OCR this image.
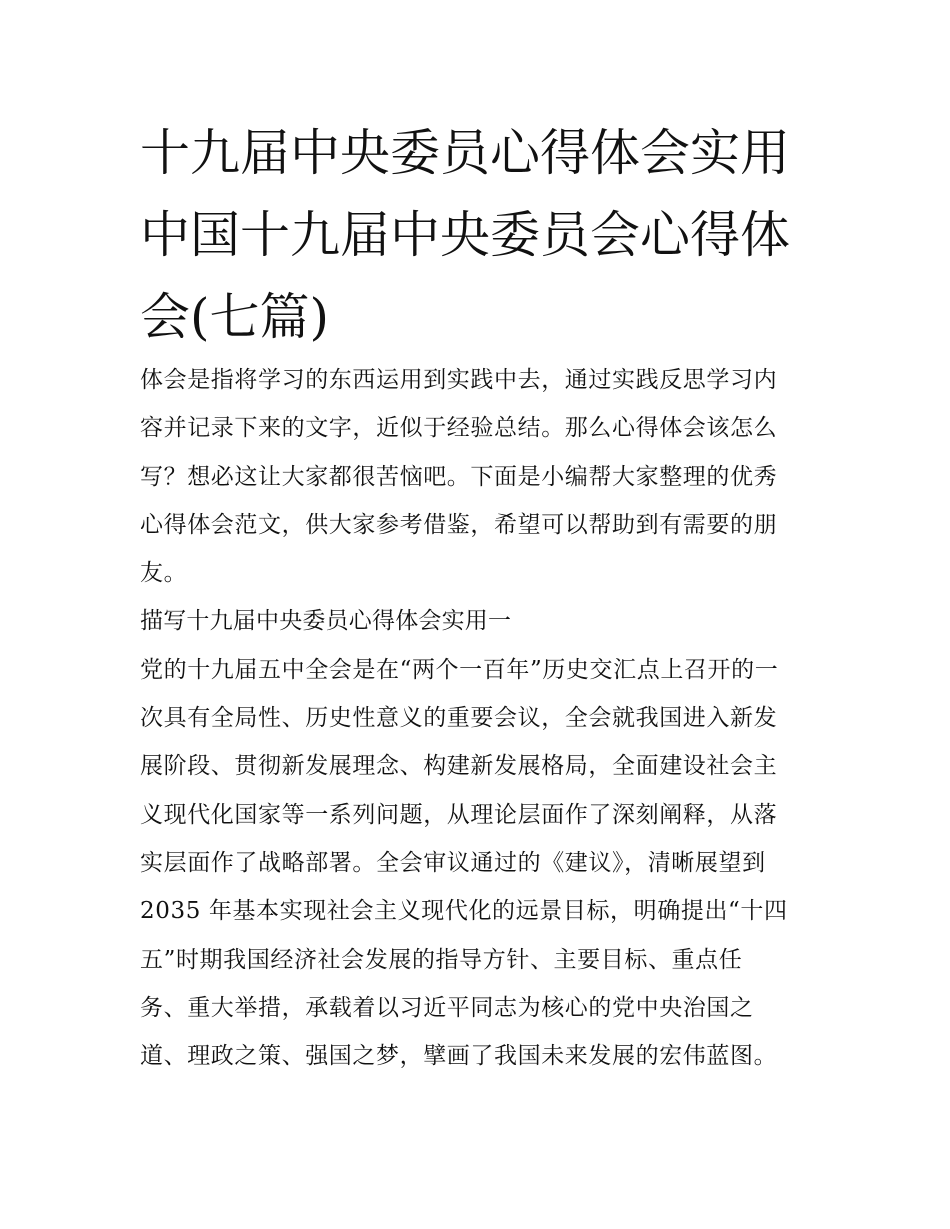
十九届中央委员心得体会实用
中国十九届中央委员会心得体
会(七篇)
体会是指将学习的东西运用到实践中去，通过实践反思学习内
容并记录下来的文字，近似于经验总结。那么心得体会该怎么
写？想必这让大家都很苦恼吧。下面是小编帮大家整理的优秀
心得体会范文，供大家参考借鉴，希望可以帮助到有需要的朋
友。
描写十九届中央委员心得体会实用一
党的十九届五中全会是在“两个一百年”历史交汇点上召开的一
次具有全局性、历史性意义的重要会议，全会就我国进入新发
展阶段、贯彻新发展理念、构建新发展格局，全面建设社会主
义现代化国家等一系列问题，从理论层面作了深刻阐释，从落
实层面作了战略部署。全会审议通过的《建议》，清晰展望到
2035 年基本实现社会主义现代化的远景目标，明确提出“十四
五”时期我国经济社会发展的指导方针、主要目标、重点任
务、重大举措，承载着以习近平同志为核心的党中央治国之
道、理政之策、强国之梦，擘画了我国未来发展的宏伟蓝图。
